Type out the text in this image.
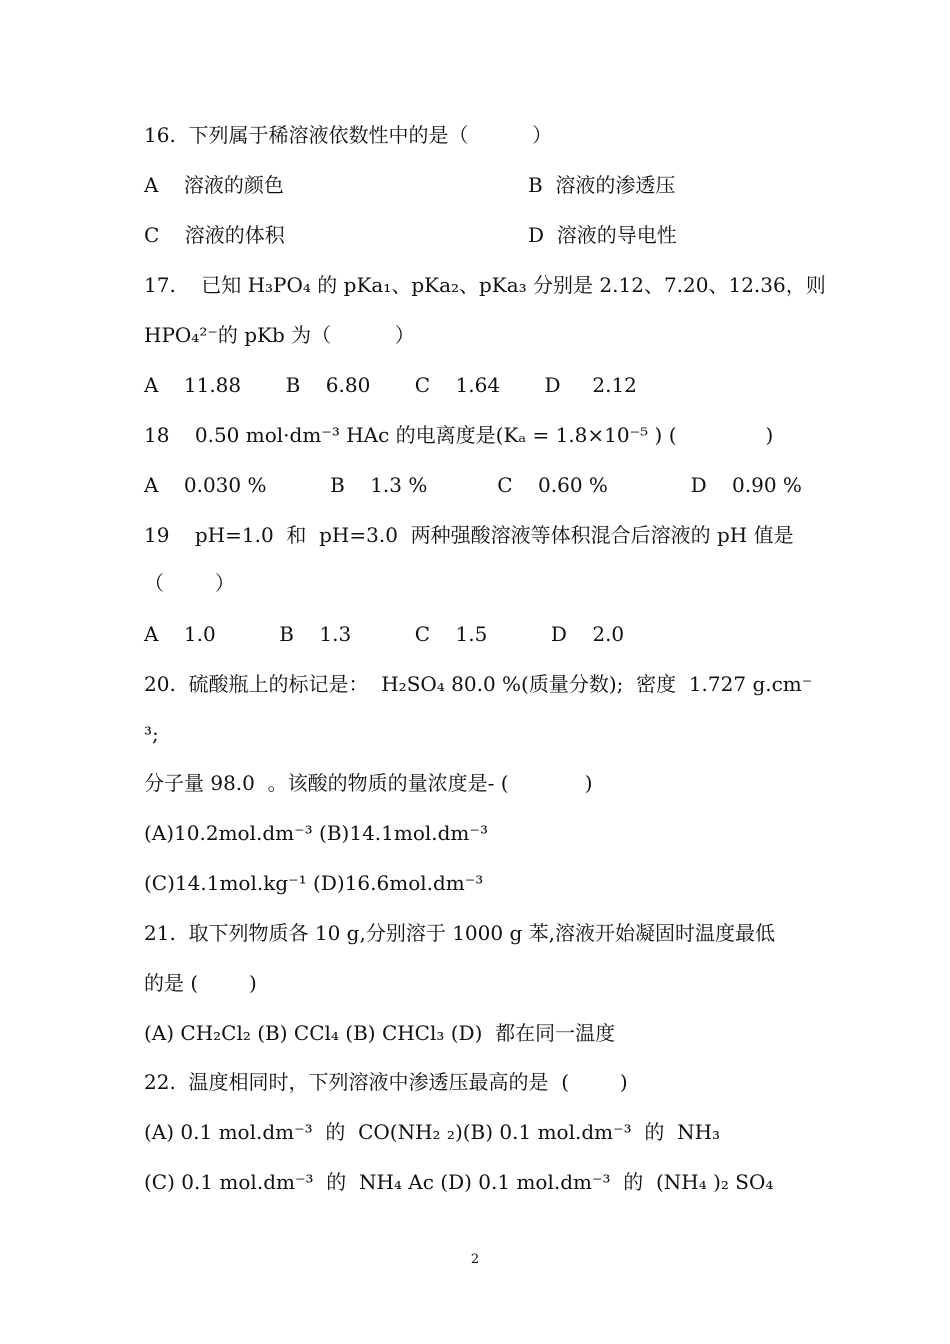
16.  下列属于稀溶液依数性中的是（          ）
A    溶液的颜色	B  溶液的渗透压
C    溶液的体积	D  溶液的导电性
17.    已知 H₃PO₄ 的 pKa₁、pKa₂、pKa₃ 分别是 2.12、7.20、12.36，则
HPO₄²⁻的 pKb 为（          ）
A    11.88       B    6.80       C    1.64       D     2.12
18    0.50 mol·dm⁻³ HAc 的电离度是(Kₐ = 1.8×10⁻⁵ ) (              )
A    0.030 %          B    1.3 %           C    0.60 %             D    0.90 %
19    pH=1.0  和  pH=3.0  两种强酸溶液等体积混合后溶液的 pH 值是
（        ）
A    1.0          B    1.3          C    1.5          D    2.0
20.  硫酸瓶上的标记是：  H₂SO₄ 80.0 %(质量分数);  密度  1.727 g.cm⁻
³;
分子量 98.0  。该酸的物质的量浓度是- (            )
(A)10.2mol.dm⁻³ (B)14.1mol.dm⁻³
(C)14.1mol.kg⁻¹ (D)16.6mol.dm⁻³
21.  取下列物质各 10 g,分别溶于 1000 g 苯,溶液开始凝固时温度最低
的是 (        )
(A) CH₂Cl₂ (B) CCl₄ (B) CHCl₃ (D)  都在同一温度
22.  温度相同时，下列溶液中渗透压最高的是  (        )
(A) 0.1 mol.dm⁻³  的  CO(NH₂ ₂)(B) 0.1 mol.dm⁻³  的  NH₃
(C) 0.1 mol.dm⁻³  的  NH₄ Ac (D) 0.1 mol.dm⁻³  的  (NH₄ )₂ SO₄
2
